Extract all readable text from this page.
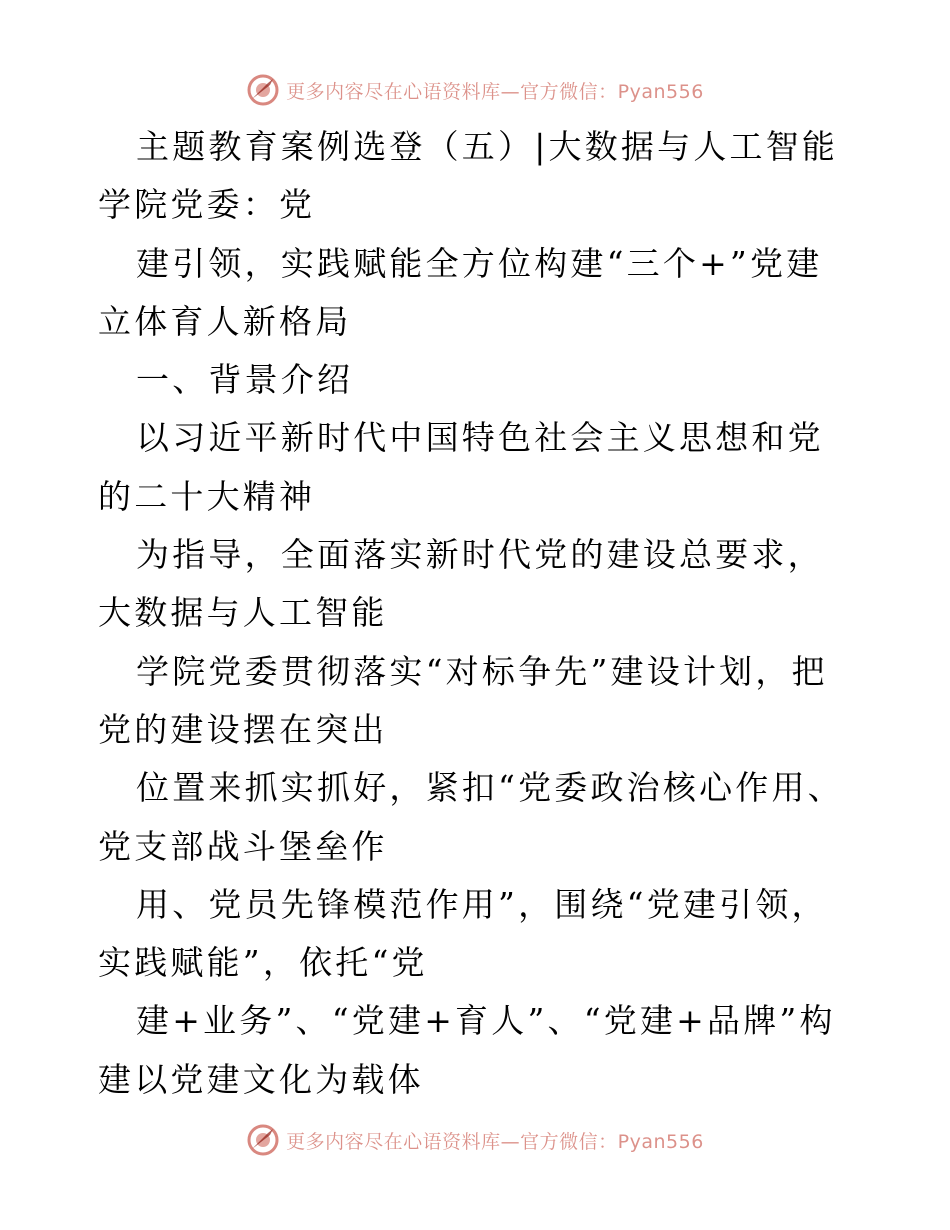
更多内容尽在心语资料库—官方微信：Pyan556

主题教育案例选登（五）|大数据与人工智能学院党委：党

建引领，实践赋能全方位构建“三个+”党建立体育人新格局

一、背景介绍

以习近平新时代中国特色社会主义思想和党的二十大精神

为指导，全面落实新时代党的建设总要求，大数据与人工智能

学院党委贯彻落实“对标争先”建设计划，把党的建设摆在突出

位置来抓实抓好，紧扣“党委政治核心作用、党支部战斗堡垒作

用、党员先锋模范作用”，围绕“党建引领，实践赋能”，依托“党

建+业务”、“党建+育人”、“党建+品牌”构建以党建文化为载体

更多内容尽在心语资料库—官方微信：Pyan556
